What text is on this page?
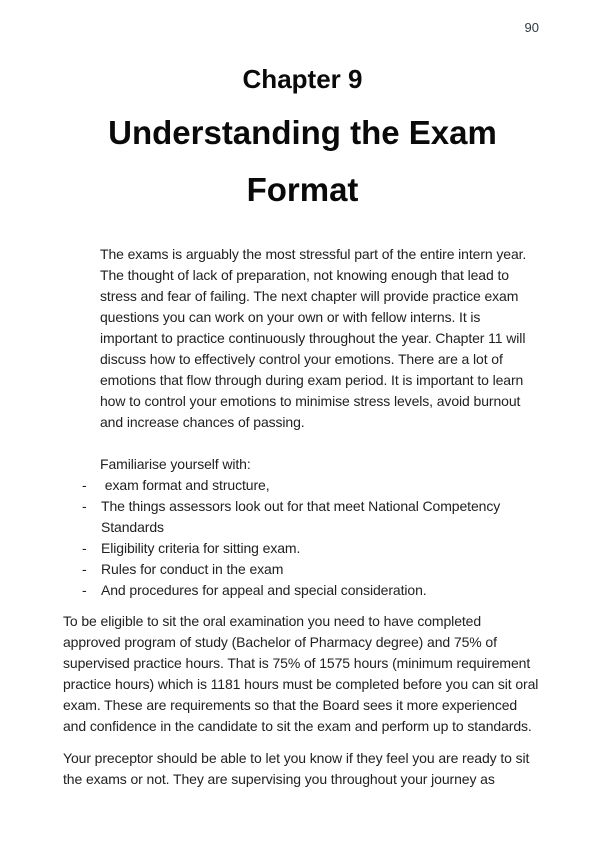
90
Chapter 9
Understanding the Exam Format

The exams is arguably the most stressful part of the entire intern year. The thought of lack of preparation, not knowing enough that lead to stress and fear of failing. The next chapter will provide practice exam questions you can work on your own or with fellow interns. It is important to practice continuously throughout the year. Chapter 11 will discuss how to effectively control your emotions. There are a lot of emotions that flow through during exam period. It is important to learn how to control your emotions to minimise stress levels, avoid burnout and increase chances of passing.

Familiarise yourself with:

-	exam format and structure,
-	The things assessors look out for that meet National Competency Standards
-	Eligibility criteria for sitting exam.
-	Rules for conduct in the exam
-	And procedures for appeal and special consideration.

To be eligible to sit the oral examination you need to have completed approved program of study (Bachelor of Pharmacy degree) and 75% of supervised practice hours. That is 75% of 1575 hours (minimum requirement practice hours) which is 1181 hours must be completed before you can sit oral exam. These are requirements so that the Board sees it more experienced and confidence in the candidate to sit the exam and perform up to standards.

Your preceptor should be able to let you know if they feel you are ready to sit the exams or not. They are supervising you throughout your journey as
